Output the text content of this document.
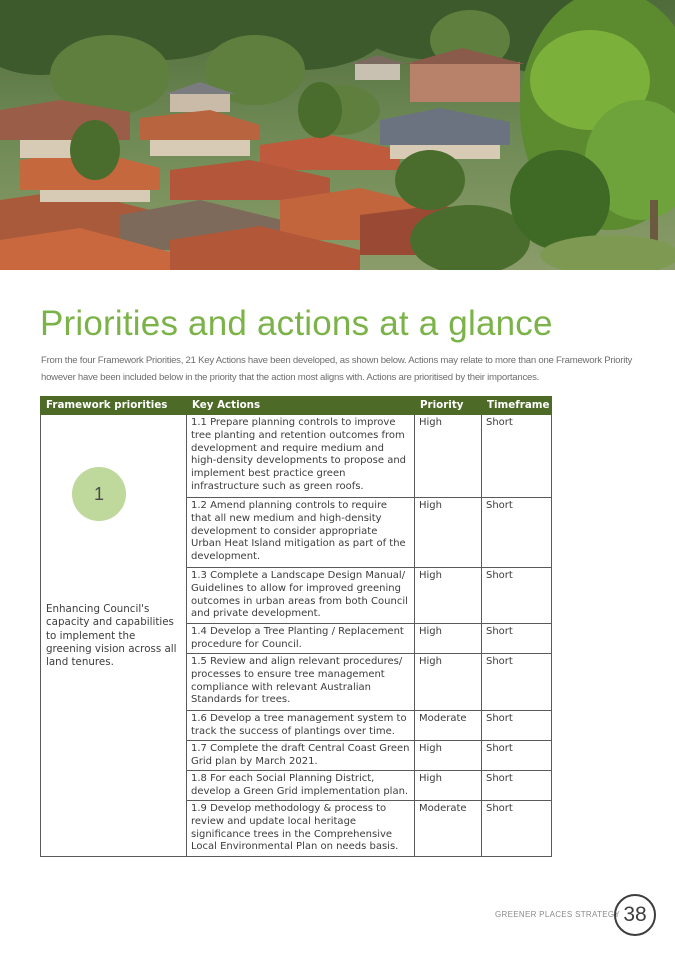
Priorities and actions at a glance

From the four Framework Priorities, 21 Key Actions have been developed, as shown below. Actions may relate to more than one Framework Priority however have been included below in the priority that the action most aligns with. Actions are prioritised by their importances.

Framework priorities	Key Actions	Priority	Timeframe

1
Enhancing Council's capacity and capabilities to implement the greening vision across all land tenures.	1.1 Prepare planning controls to improve tree planting and retention outcomes from development and require medium and high-density developments to propose and implement best practice green infrastructure such as green roofs.	High	Short
	1.2 Amend planning controls to require that all new medium and high-density development to consider appropriate Urban Heat Island mitigation as part of the development.	High	Short
	1.3 Complete a Landscape Design Manual/ Guidelines to allow for improved greening outcomes in urban areas from both Council and private development.	High	Short
	1.4 Develop a Tree Planting / Replacement procedure for Council.	High	Short
	1.5 Review and align relevant procedures/ processes to ensure tree management compliance with relevant Australian Standards for trees.	High	Short
	1.6 Develop a tree management system to track the success of plantings over time.	Moderate	Short
	1.7 Complete the draft Central Coast Green Grid plan by March 2021.	High	Short
	1.8 For each Social Planning District, develop a Green Grid implementation plan.	High	Short
	1.9 Develop methodology & process to review and update local heritage significance trees in the Comprehensive Local Environmental Plan on needs basis.	Moderate	Short

GREENER PLACES STRATEGY 38
